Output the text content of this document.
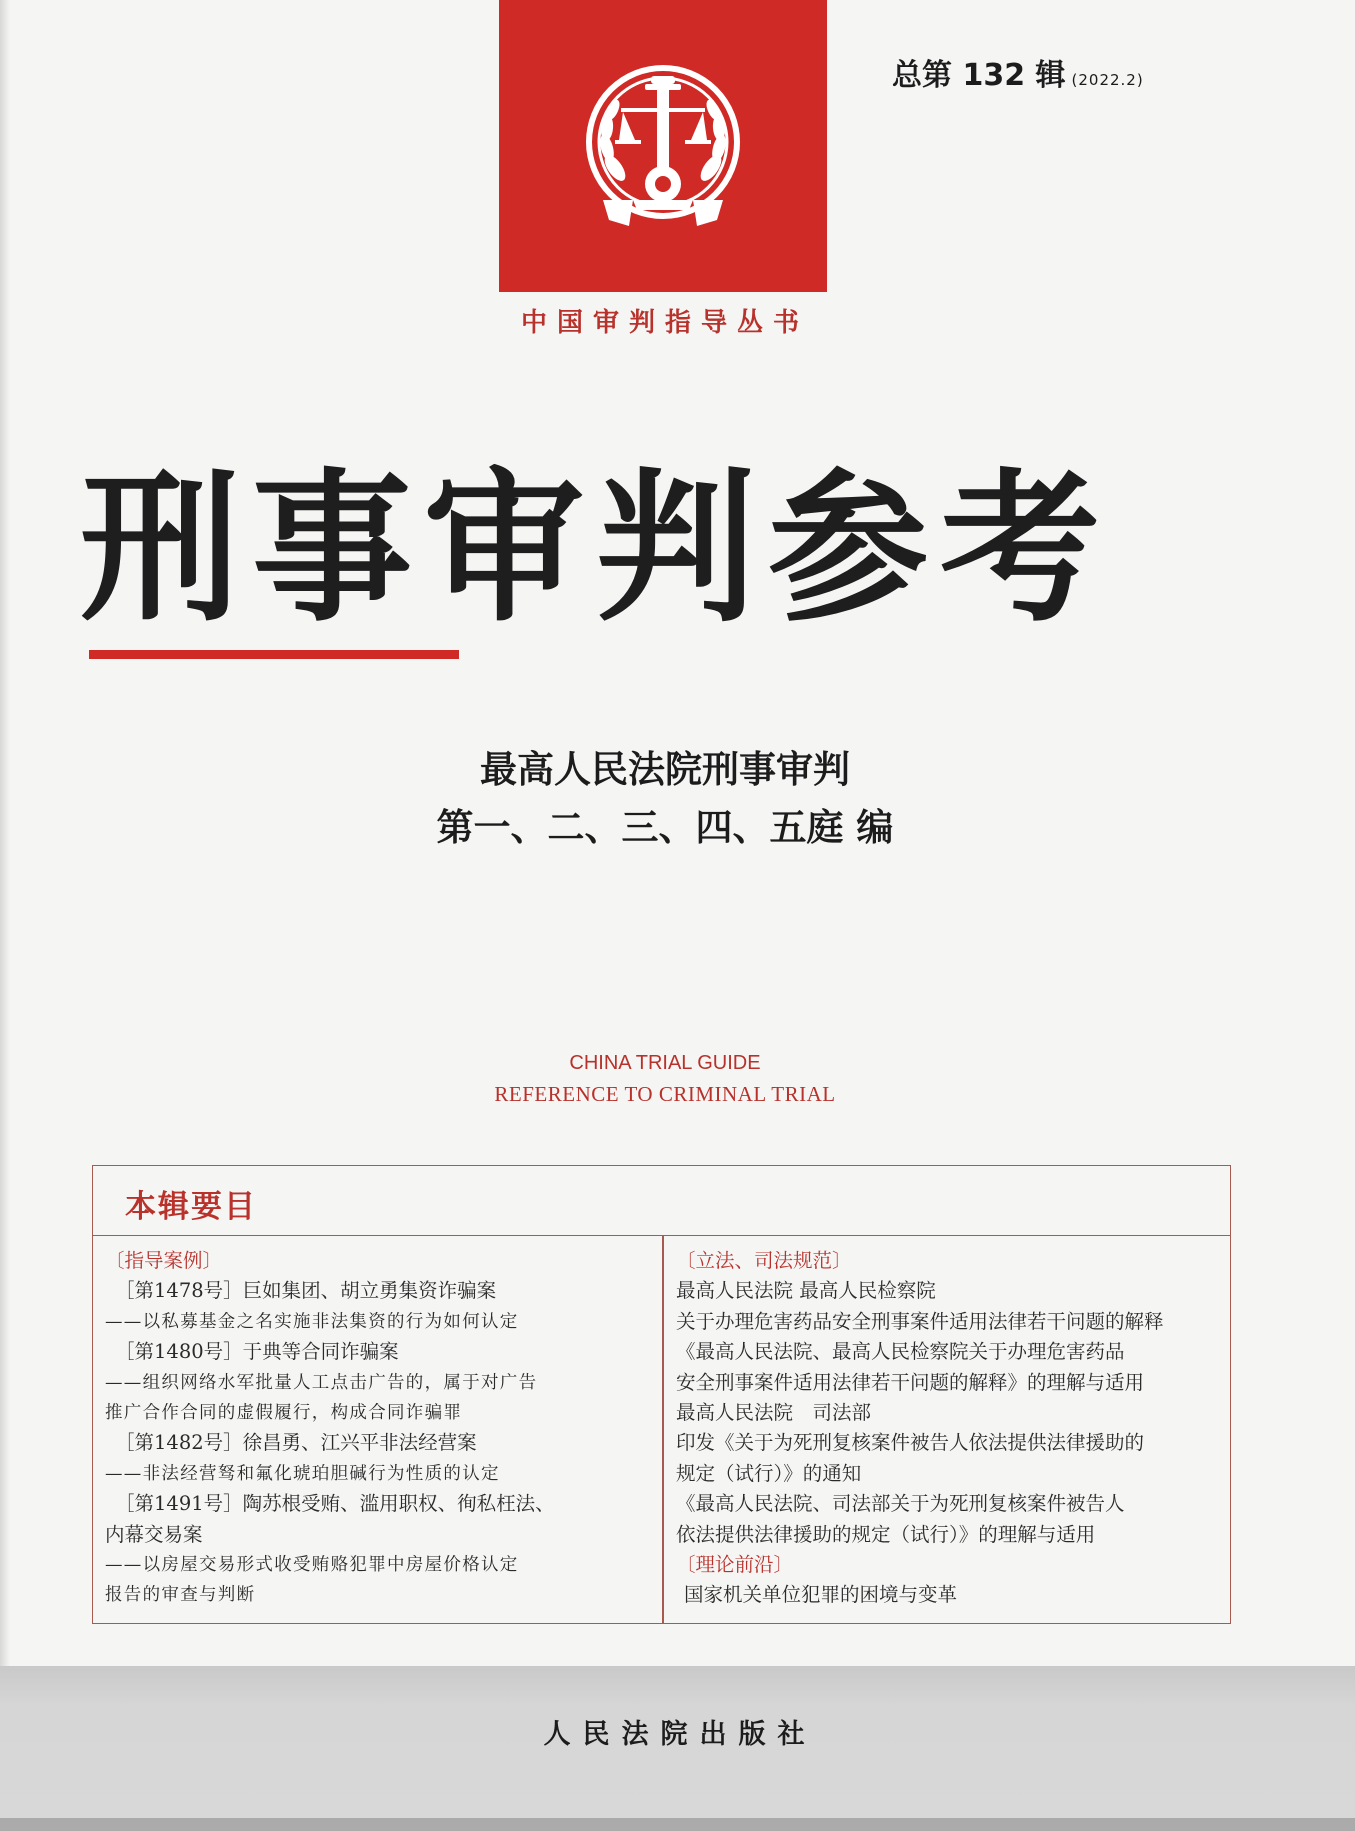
总第 132 辑 (2022.2)
中国审判指导丛书
刑事审判参考
最高人民法院刑事审判
第一、二、三、四、五庭 编
CHINA TRIAL GUIDE
REFERENCE TO CRIMINAL TRIAL
本辑要目
〔指导案例〕
［第1478号］巨如集团、胡立勇集资诈骗案
——以私募基金之名实施非法集资的行为如何认定
［第1480号］于典等合同诈骗案
——组织网络水军批量人工点击广告的，属于对广告
推广合作合同的虚假履行，构成合同诈骗罪
［第1482号］徐昌勇、江兴平非法经营案
——非法经营驽和氟化琥珀胆碱行为性质的认定
［第1491号］陶苏根受贿、滥用职权、徇私枉法、
内幕交易案
——以房屋交易形式收受贿赂犯罪中房屋价格认定
报告的审查与判断
〔立法、司法规范〕
最高人民法院 最高人民检察院
关于办理危害药品安全刑事案件适用法律若干问题的解释
《最高人民法院、最高人民检察院关于办理危害药品
安全刑事案件适用法律若干问题的解释》的理解与适用
最高人民法院　司法部
印发《关于为死刑复核案件被告人依法提供法律援助的
规定（试行）》的通知
《最高人民法院、司法部关于为死刑复核案件被告人
依法提供法律援助的规定（试行）》的理解与适用
〔理论前沿〕
国家机关单位犯罪的困境与变革
人民法院出版社
